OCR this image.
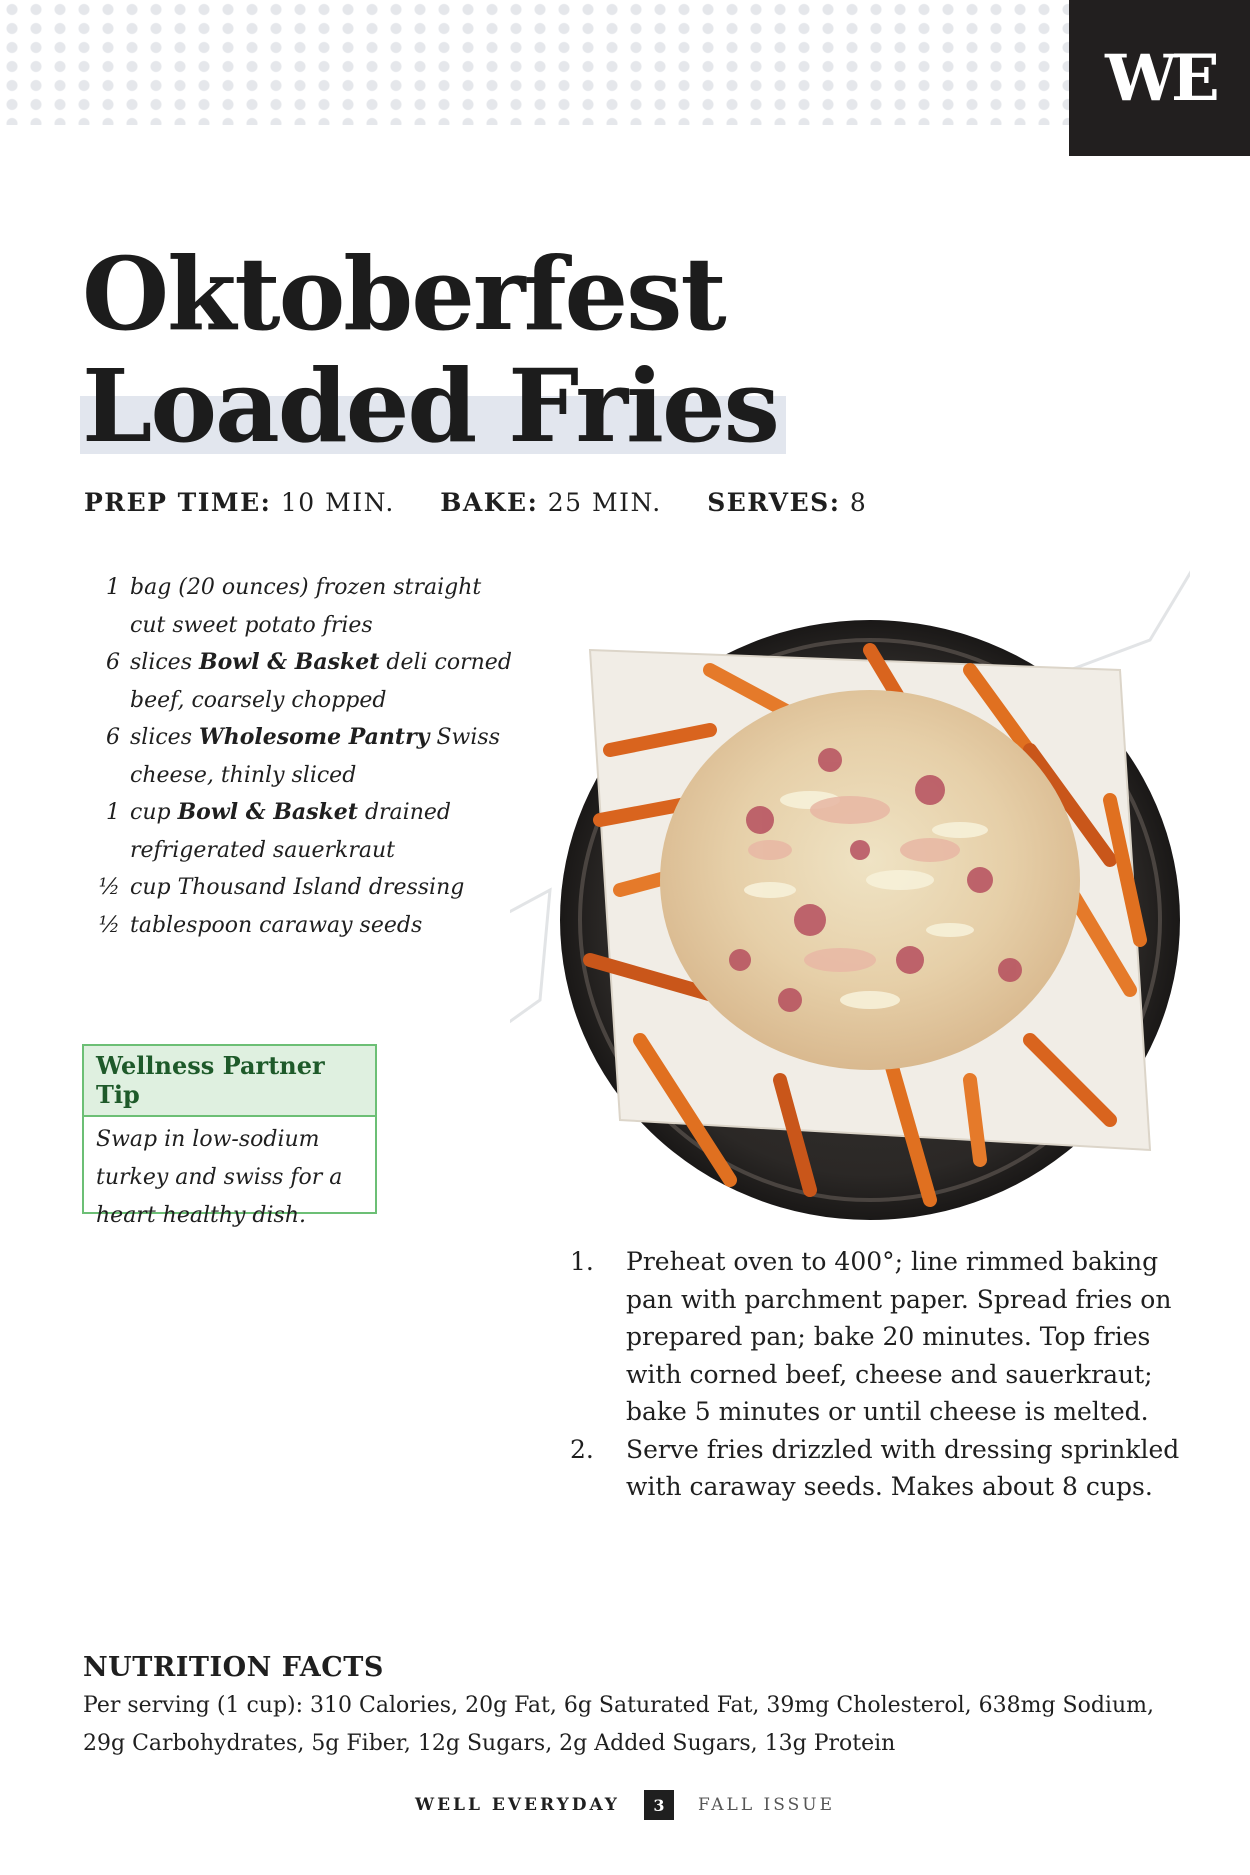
WE
Oktoberfest
Loaded Fries
PREP TIME: 10 MIN. BAKE: 25 MIN. SERVES: 8
1 bag (20 ounces) frozen straight cut sweet potato fries
6 slices Bowl & Basket deli corned beef, coarsely chopped
6 slices Wholesome Pantry Swiss cheese, thinly sliced
1 cup Bowl & Basket drained refrigerated sauerkraut
½ cup Thousand Island dressing
½ tablespoon caraway seeds
Wellness Partner Tip
Swap in low-sodium turkey and swiss for a heart healthy dish.
1.	Preheat oven to 400°; line rimmed baking pan with parchment paper. Spread fries on prepared pan; bake 20 minutes. Top fries with corned beef, cheese and sauerkraut; bake 5 minutes or until cheese is melted.
2.	Serve fries drizzled with dressing sprinkled with caraway seeds. Makes about 8 cups.
NUTRITION FACTS

Per serving (1 cup): 310 Calories, 20g Fat, 6g Saturated Fat, 39mg Cholesterol, 638mg Sodium,

29g Carbohydrates, 5g Fiber, 12g Sugars, 2g Added Sugars, 13g Protein

WELL EVERYDAY	3	FALL ISSUE
